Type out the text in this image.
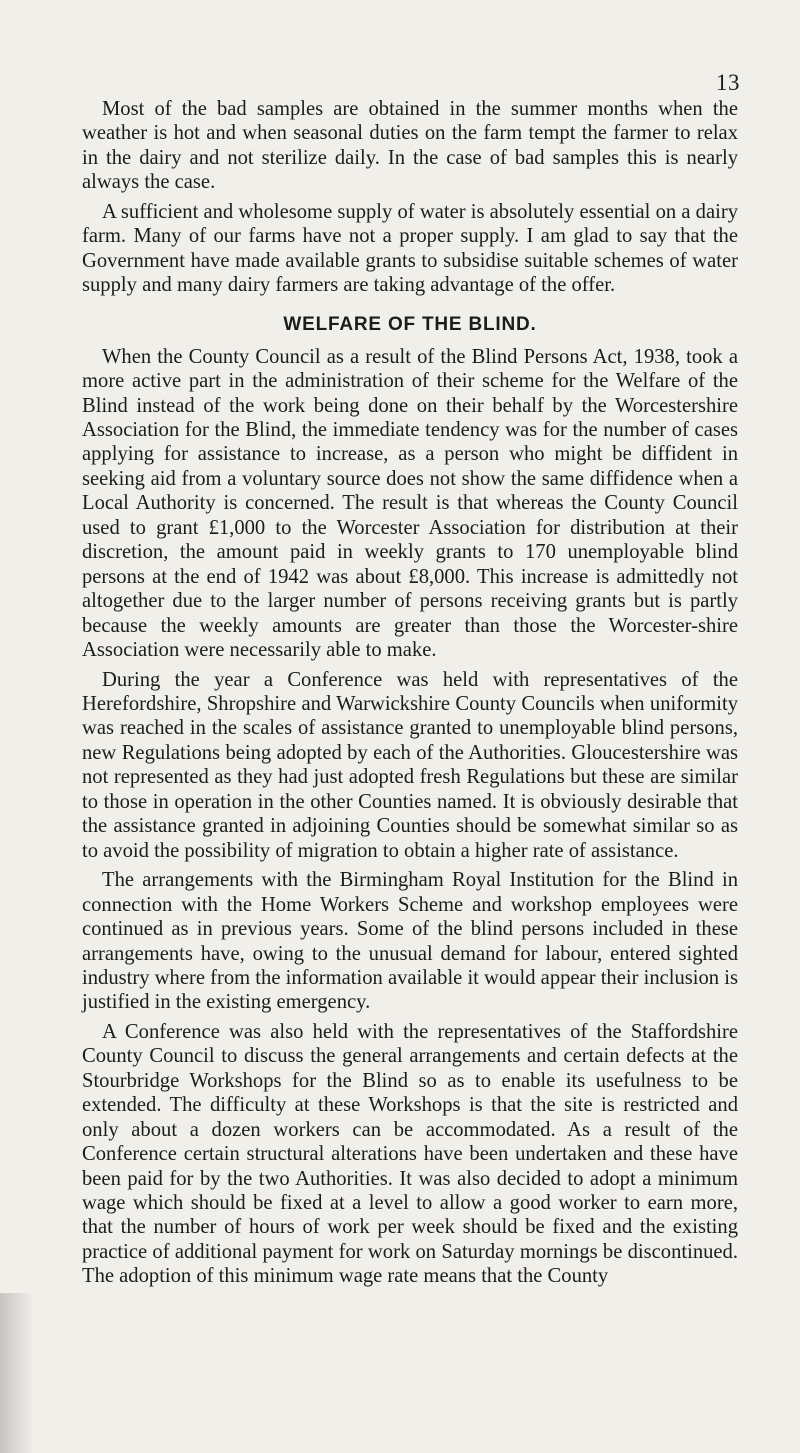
13

Most of the bad samples are obtained in the summer months when the weather is hot and when seasonal duties on the farm tempt the farmer to relax in the dairy and not sterilize daily. In the case of bad samples this is nearly always the case.

A sufficient and wholesome supply of water is absolutely essential on a dairy farm. Many of our farms have not a proper supply. I am glad to say that the Government have made available grants to subsidise suitable schemes of water supply and many dairy farmers are taking advantage of the offer.

WELFARE OF THE BLIND.

When the County Council as a result of the Blind Persons Act, 1938, took a more active part in the administration of their scheme for the Welfare of the Blind instead of the work being done on their behalf by the Worcestershire Association for the Blind, the immediate tendency was for the number of cases applying for assistance to increase, as a person who might be diffident in seeking aid from a voluntary source does not show the same diffidence when a Local Authority is concerned. The result is that whereas the County Council used to grant £1,000 to the Worcester Association for distribution at their discretion, the amount paid in weekly grants to 170 unemployable blind persons at the end of 1942 was about £8,000. This increase is admittedly not altogether due to the larger number of persons receiving grants but is partly because the weekly amounts are greater than those the Worcester-shire Association were necessarily able to make.

During the year a Conference was held with representatives of the Herefordshire, Shropshire and Warwickshire County Councils when uniformity was reached in the scales of assistance granted to unemployable blind persons, new Regulations being adopted by each of the Authorities. Gloucestershire was not represented as they had just adopted fresh Regulations but these are similar to those in operation in the other Counties named. It is obviously desirable that the assistance granted in adjoining Counties should be somewhat similar so as to avoid the possibility of migration to obtain a higher rate of assistance.

The arrangements with the Birmingham Royal Institution for the Blind in connection with the Home Workers Scheme and workshop employees were continued as in previous years. Some of the blind persons included in these arrangements have, owing to the unusual demand for labour, entered sighted industry where from the information available it would appear their inclusion is justified in the existing emergency.

A Conference was also held with the representatives of the Staffordshire County Council to discuss the general arrangements and certain defects at the Stourbridge Workshops for the Blind so as to enable its usefulness to be extended. The difficulty at these Workshops is that the site is restricted and only about a dozen workers can be accommodated. As a result of the Conference certain structural alterations have been undertaken and these have been paid for by the two Authorities. It was also decided to adopt a minimum wage which should be fixed at a level to allow a good worker to earn more, that the number of hours of work per week should be fixed and the existing practice of additional payment for work on Saturday mornings be discontinued. The adoption of this minimum wage rate means that the County
